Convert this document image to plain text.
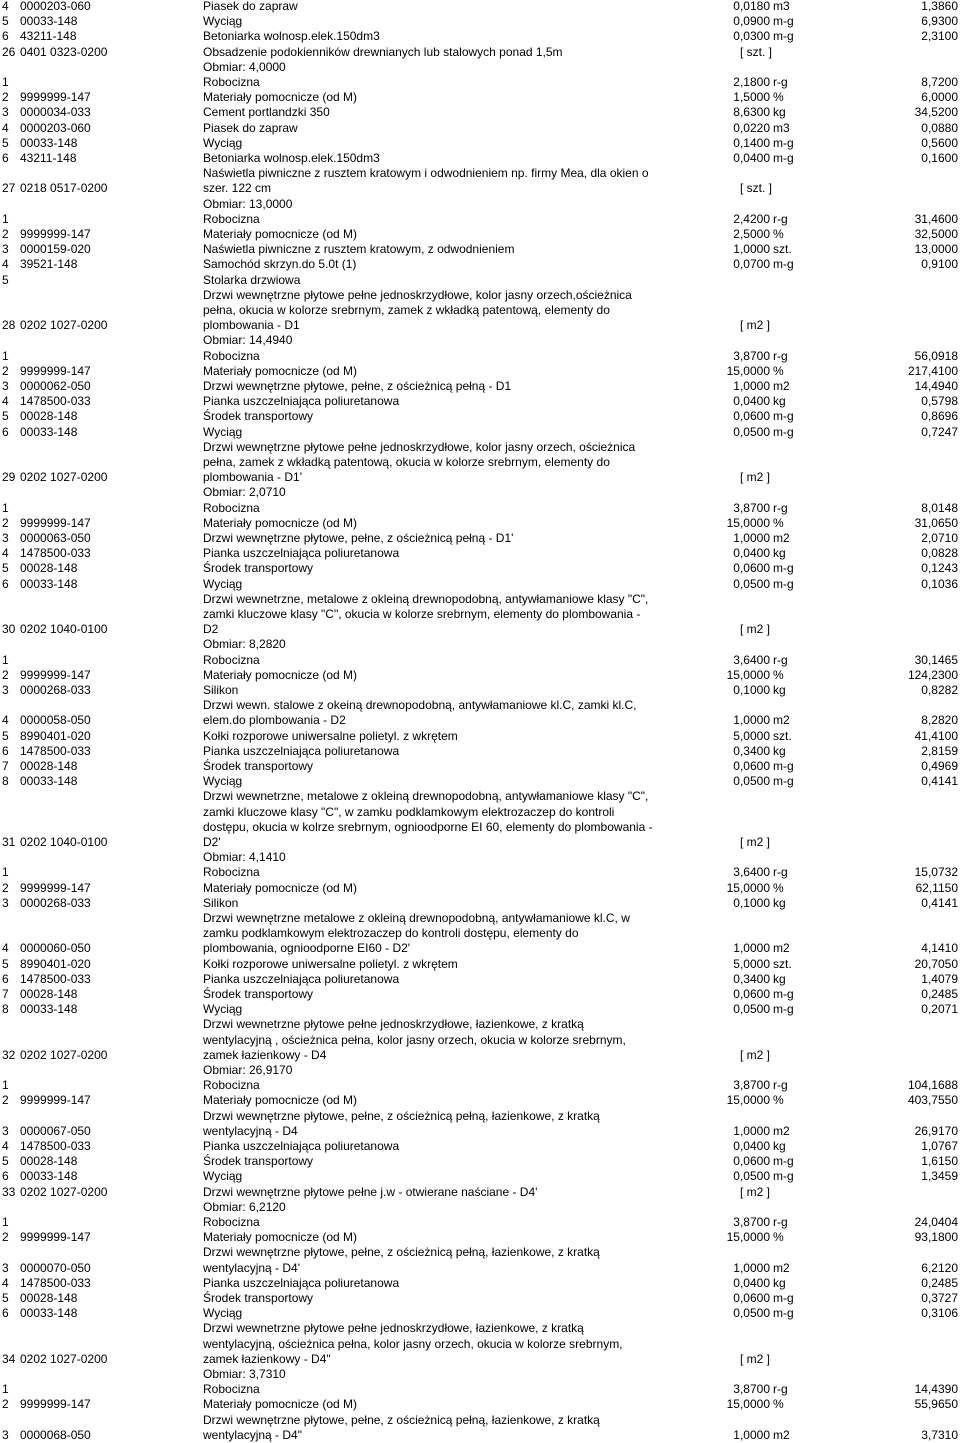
4 0000203-060	Piasek do zapraw	0,0180 m3	1,3860
5 00033-148	Wyciąg	0,0900 m-g	6,9300
6 43211-148	Betoniarka wolnosp.elek.150dm3	0,0300 m-g	2,3100
26 0401 0323-0200	Obsadzenie podokienników drewnianych lub stalowych ponad 1,5m	[ szt. ]
Obmiar: 4,0000
1	Robocizna	2,1800 r-g	8,7200
2 9999999-147	Materiały pomocnicze (od M)	1,5000 %	6,0000
3 0000034-033	Cement portlandzki 350	8,6300 kg	34,5200
4 0000203-060	Piasek do zapraw	0,0220 m3	0,0880
5 00033-148	Wyciąg	0,1400 m-g	0,5600
6 43211-148	Betoniarka wolnosp.elek.150dm3	0,0400 m-g	0,1600
27 0218 0517-0200
Naświetla piwniczne z rusztem kratowym i odwodnieniem np. firmy Mea, dla okien o
szer. 122 cm	[ szt. ]
Obmiar: 13,0000
1	Robocizna	2,4200 r-g	31,4600
2 9999999-147	Materiały pomocnicze (od M)	2,5000 %	32,5000
3 0000159-020	Naświetla piwniczne z rusztem kratowym, z odwodnieniem	1,0000 szt.	13,0000
4 39521-148	Samochód skrzyn.do 5.0t (1)	0,0700 m-g	0,9100
5	Stolarka drzwiowa
28 0202 1027-0200
Drzwi wewnętrzne płytowe pełne jednoskrzydłowe, kolor jasny orzech,ościeżnica
pełna, okucia w kolorze srebrnym, zamek z wkładką patentową, elementy do
plombowania - D1	[ m2 ]
Obmiar: 14,4940
1	Robocizna	3,8700 r-g	56,0918
2 9999999-147	Materiały pomocnicze (od M)	15,0000 %	217,4100
3 0000062-050	Drzwi wewnętrzne płytowe, pełne, z ościeżnicą pełną - D1	1,0000 m2	14,4940
4 1478500-033	Pianka uszczelniająca poliuretanowa	0,0400 kg	0,5798
5 00028-148	Środek transportowy	0,0600 m-g	0,8696
6 00033-148	Wyciąg	0,0500 m-g	0,7247
29 0202 1027-0200
Drzwi wewnętrzne płytowe pełne jednoskrzydłowe, kolor jasny orzech, ościeżnica
pełna, zamek z wkładką patentową, okucia w kolorze srebrnym, elementy do
plombowania - D1'	[ m2 ]
Obmiar: 2,0710
1	Robocizna	3,8700 r-g	8,0148
2 9999999-147	Materiały pomocnicze (od M)	15,0000 %	31,0650
3 0000063-050	Drzwi wewnętrzne płytowe, pełne, z ościeżnicą pełną - D1'	1,0000 m2	2,0710
4 1478500-033	Pianka uszczelniająca poliuretanowa	0,0400 kg	0,0828
5 00028-148	Środek transportowy	0,0600 m-g	0,1243
6 00033-148	Wyciąg	0,0500 m-g	0,1036
30 0202 1040-0100
Drzwi wewnetrzne, metalowe z okleiną drewnopodobną, antywłamaniowe klasy "C",
zamki kluczowe klasy "C", okucia w kolorze srebrnym, elementy do plombowania -
D2	[ m2 ]
Obmiar: 8,2820
1	Robocizna	3,6400 r-g	30,1465
2 9999999-147	Materiały pomocnicze (od M)	15,0000 %	124,2300
3 0000268-033	Silikon	0,1000 kg	0,8282
4 0000058-050
Drzwi wewn. stalowe z okeiną drewnopodobną, antywłamaniowe kl.C, zamki kl.C,
elem.do plombowania - D2	1,0000 m2	8,2820
5 8990401-020	Kołki rozporowe uniwersalne polietyl. z wkrętem	5,0000 szt.	41,4100
6 1478500-033	Pianka uszczelniająca poliuretanowa	0,3400 kg	2,8159
7 00028-148	Środek transportowy	0,0600 m-g	0,4969
8 00033-148	Wyciąg	0,0500 m-g	0,4141
31 0202 1040-0100
Drzwi wewnetrzne, metalowe z okleiną drewnopodobną, antywłamaniowe klasy "C",
zamki kluczowe klasy "C", w zamku podklamkowym elektrozaczep do kontroli
dostępu, okucia w kolrze srebrnym, ognioodporne EI 60, elementy do plombowania -
D2'	[ m2 ]
Obmiar: 4,1410
1	Robocizna	3,6400 r-g	15,0732
2 9999999-147	Materiały pomocnicze (od M)	15,0000 %	62,1150
3 0000268-033	Silikon	0,1000 kg	0,4141
4 0000060-050
Drzwi wewnętrzne metalowe z okleiną drewnopodobną, antywłamaniowe kl.C, w
zamku podklamkowym elektrozaczep do kontroli dostępu, elementy do
plombowania, ognioodporne EI60 - D2'	1,0000 m2	4,1410
5 8990401-020	Kołki rozporowe uniwersalne polietyl. z wkrętem	5,0000 szt.	20,7050
6 1478500-033	Pianka uszczelniająca poliuretanowa	0,3400 kg	1,4079
7 00028-148	Środek transportowy	0,0600 m-g	0,2485
8 00033-148	Wyciąg	0,0500 m-g	0,2071
32 0202 1027-0200
Drzwi wewnetrzne płytowe pełne jednoskrzydłowe, łazienkowe, z kratką
wentylacyjną , ościeżnica pełna, kolor jasny orzech, okucia w kolorze srebrnym,
zamek łazienkowy - D4	[ m2 ]
Obmiar: 26,9170
1	Robocizna	3,8700 r-g	104,1688
2 9999999-147	Materiały pomocnicze (od M)	15,0000 %	403,7550
3 0000067-050
Drzwi wewnętrzne płytowe, pełne, z ościeżnicą pełną, łazienkowe, z kratką
wentylacyjną - D4	1,0000 m2	26,9170
4 1478500-033	Pianka uszczelniająca poliuretanowa	0,0400 kg	1,0767
5 00028-148	Środek transportowy	0,0600 m-g	1,6150
6 00033-148	Wyciąg	0,0500 m-g	1,3459
33 0202 1027-0200	Drzwi wewnętrzne płytowe pełne j.w - otwierane naściane - D4'	[ m2 ]
Obmiar: 6,2120
1	Robocizna	3,8700 r-g	24,0404
2 9999999-147	Materiały pomocnicze (od M)	15,0000 %	93,1800
3 0000070-050
Drzwi wewnętrzne płytowe, pełne, z ościeżnicą pełną, łazienkowe, z kratką
wentylacyjną - D4'	1,0000 m2	6,2120
4 1478500-033	Pianka uszczelniająca poliuretanowa	0,0400 kg	0,2485
5 00028-148	Środek transportowy	0,0600 m-g	0,3727
6 00033-148	Wyciąg	0,0500 m-g	0,3106
34 0202 1027-0200
Drzwi wewnetrzne płytowe pełne jednoskrzydłowe, łazienkowe, z kratką
wentylacyjną, ościeżnica pełna, kolor jasny orzech, okucia w kolorze srebrnym,
zamek łazienkowy - D4"	[ m2 ]
Obmiar: 3,7310
1	Robocizna	3,8700 r-g	14,4390
2 9999999-147	Materiały pomocnicze (od M)	15,0000 %	55,9650
3 0000068-050
Drzwi wewnętrzne płytowe, pełne, z ościeżnicą pełną, łazienkowe, z kratką
wentylacyjną - D4"	1,0000 m2	3,7310
